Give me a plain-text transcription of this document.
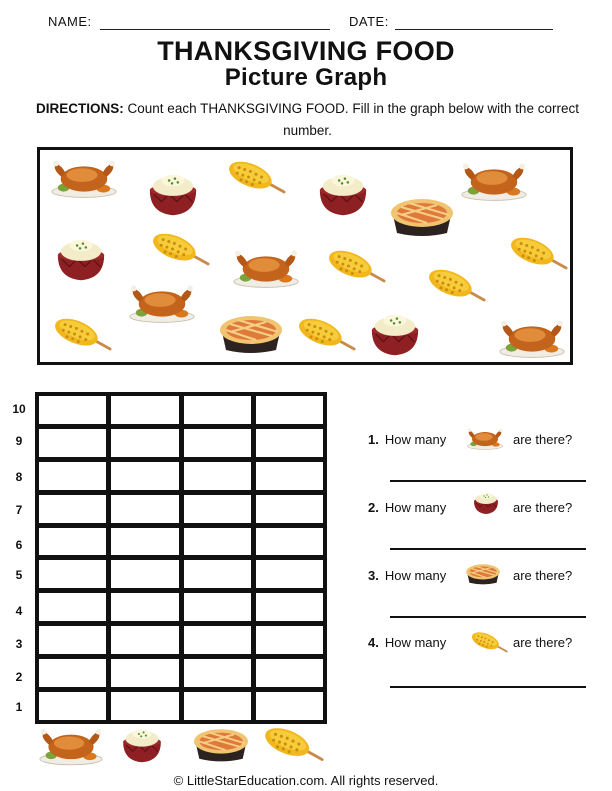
NAME:	DATE:
THANKSGIVING FOOD
Picture Graph
DIRECTIONS: Count each THANKSGIVING FOOD. Fill in the graph below with the correct number.
10
9
8
7
6
5
4
3
2
1
1. How many	are there?
2. How many	are there?
3. How many	are there?
4. How many	are there?
© LittleStarEducation.com. All rights reserved.
